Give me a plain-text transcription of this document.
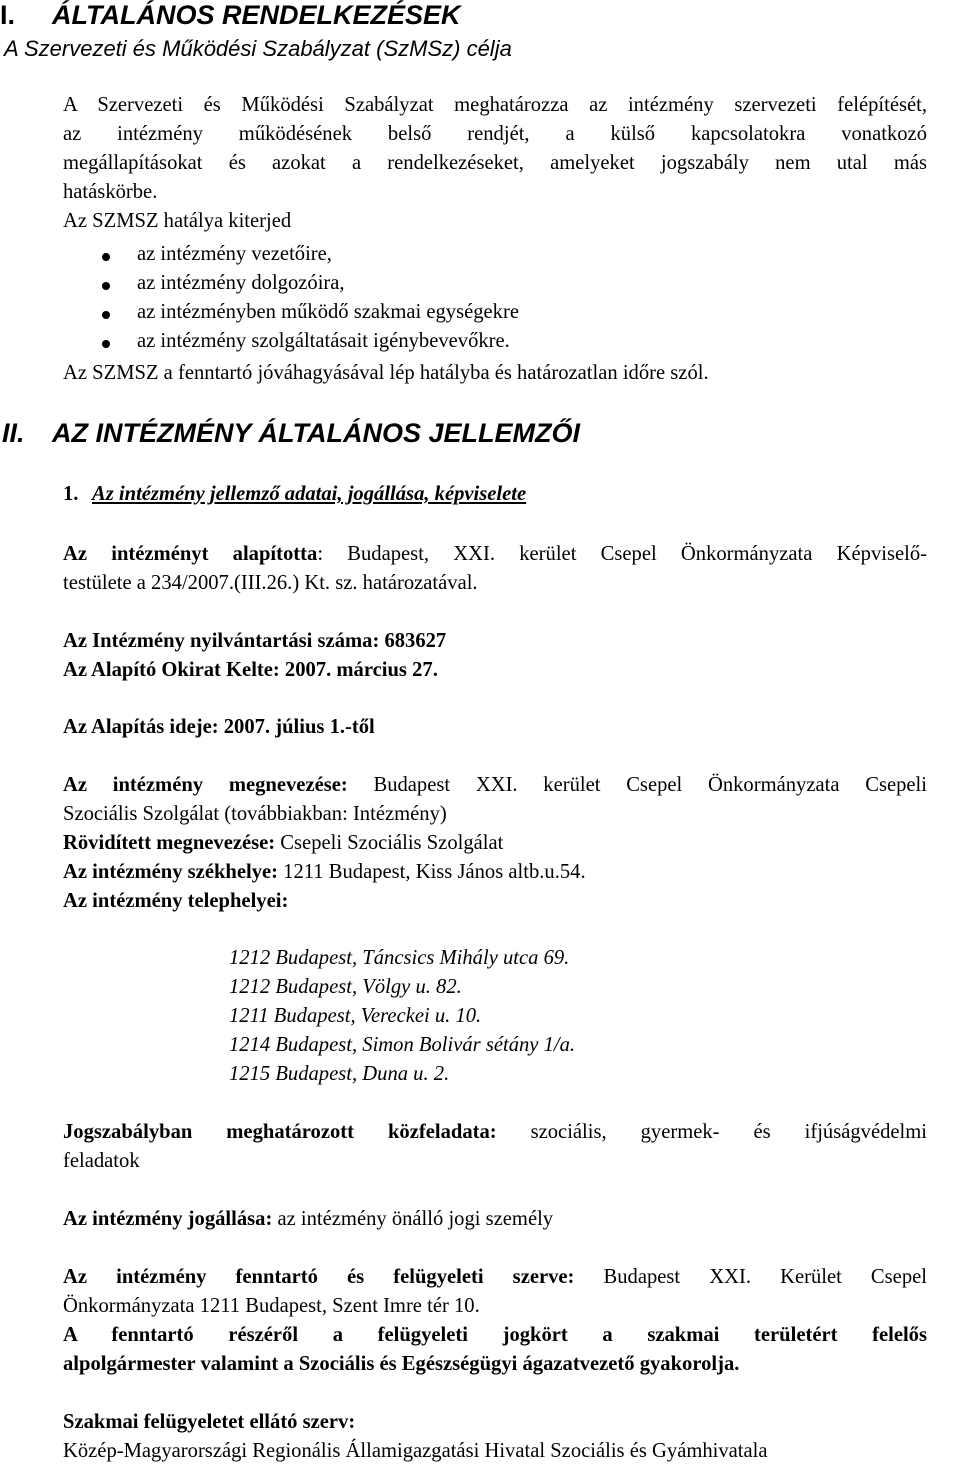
I. ÁLTALÁNOS RENDELKEZÉSEK
A Szervezeti és Működési Szabályzat (SzMSz) célja
A Szervezeti és Működési Szabályzat meghatározza az intézmény szervezeti felépítését,
az intézmény működésének belső rendjét, a külső kapcsolatokra vonatkozó
megállapításokat és azokat a rendelkezéseket, amelyeket jogszabály nem utal más
hatáskörbe.
Az SZMSZ hatálya kiterjed
az intézmény vezetőire,
az intézmény dolgozóira,
az intézményben működő szakmai egységekre
az intézmény szolgáltatásait igénybevevőkre.
Az SZMSZ a fenntartó jóváhagyásával lép hatályba és határozatlan időre szól.
II. AZ INTÉZMÉNY ÁLTALÁNOS JELLEMZŐI
1. Az intézmény jellemző adatai, jogállása, képviselete
Az intézményt alapította: Budapest, XXI. kerület Csepel Önkormányzata Képviselő-
testülete a 234/2007.(III.26.) Kt. sz. határozatával.
Az Intézmény nyilvántartási száma: 683627
Az Alapító Okirat Kelte: 2007. március 27.
Az Alapítás ideje: 2007. július 1.-től
Az intézmény megnevezése: Budapest XXI. kerület Csepel Önkormányzata Csepeli
Szociális Szolgálat (továbbiakban: Intézmény)
Rövidített megnevezése: Csepeli Szociális Szolgálat
Az intézmény székhelye: 1211 Budapest, Kiss János altb.u.54.
Az intézmény telephelyei:
1212 Budapest, Táncsics Mihály utca 69.
1212 Budapest, Völgy u. 82.
1211 Budapest, Vereckei u. 10.
1214 Budapest, Simon Bolivár sétány 1/a.
1215 Budapest, Duna u. 2.
Jogszabályban meghatározott közfeladata: szociális, gyermek- és ifjúságvédelmi
feladatok
Az intézmény jogállása: az intézmény önálló jogi személy
Az intézmény fenntartó és felügyeleti szerve: Budapest XXI. Kerület Csepel
Önkormányzata 1211 Budapest, Szent Imre tér 10.
A fenntartó részéről a felügyeleti jogkört a szakmai területért felelős
alpolgármester valamint a Szociális és Egészségügyi ágazatvezető gyakorolja.
Szakmai felügyeletet ellátó szerv:
Közép-Magyarországi Regionális Államigazgatási Hivatal Szociális és Gyámhivatala
